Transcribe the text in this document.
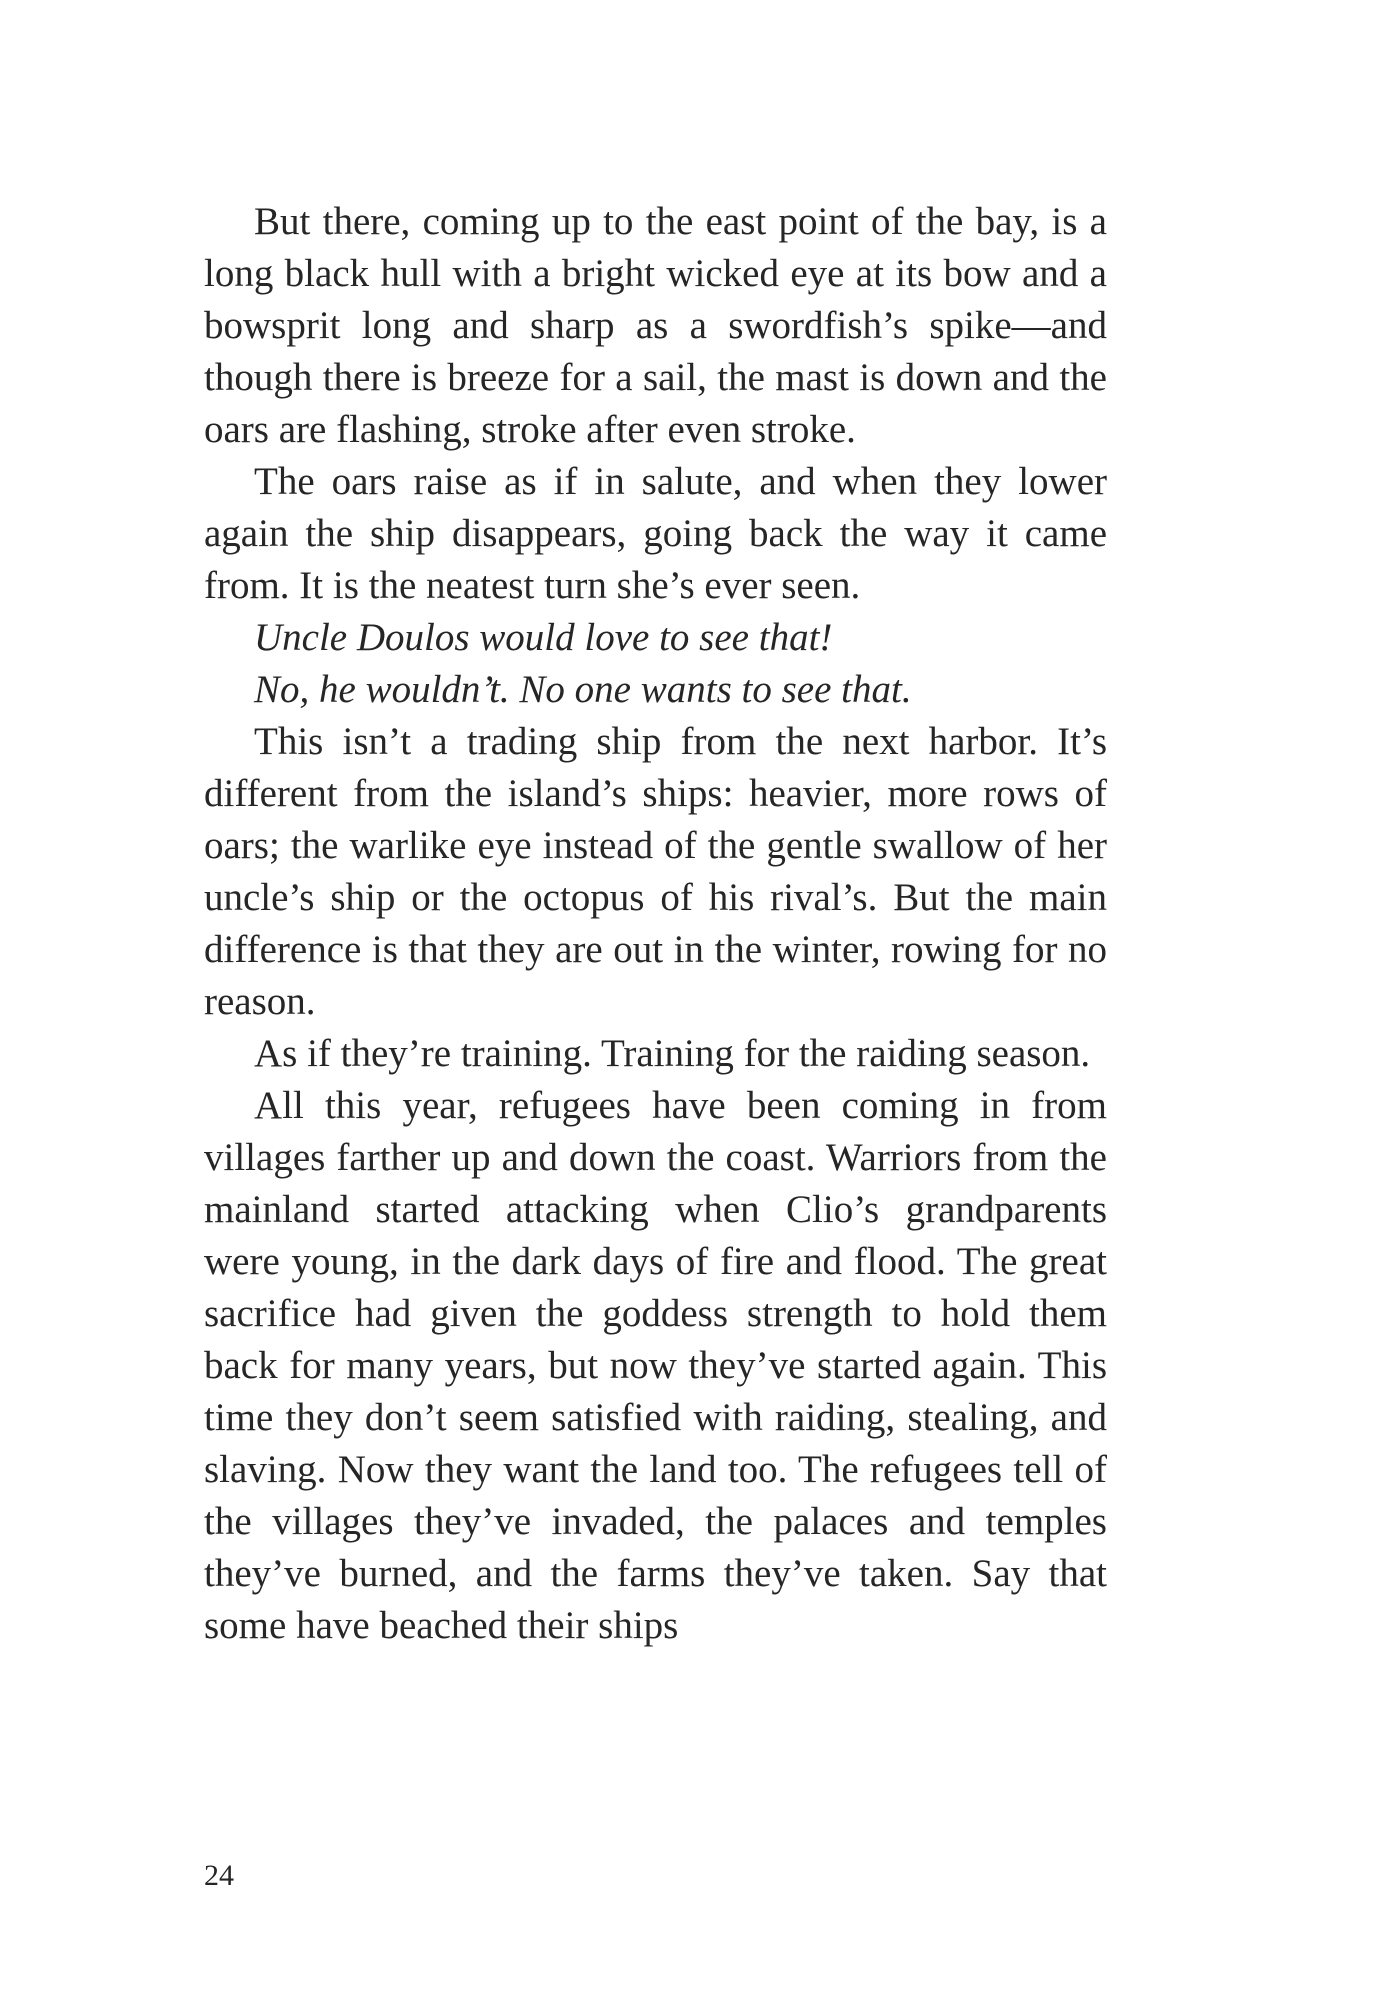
But there, coming up to the east point of the bay, is a long black hull with a bright wicked eye at its bow and a bowsprit long and sharp as a swordfish’s spike—and though there is breeze for a sail, the mast is down and the oars are flashing, stroke after even stroke.

The oars raise as if in salute, and when they lower again the ship disappears, going back the way it came from. It is the neatest turn she’s ever seen.

Uncle Doulos would love to see that!

No, he wouldn’t. No one wants to see that.

This isn’t a trading ship from the next harbor. It’s different from the island’s ships: heavier, more rows of oars; the warlike eye instead of the gentle swallow of her uncle’s ship or the octopus of his rival’s. But the main difference is that they are out in the winter, rowing for no reason.

As if they’re training. Training for the raiding season.

All this year, refugees have been coming in from villages farther up and down the coast. Warriors from the mainland started attacking when Clio’s grandparents were young, in the dark days of fire and flood. The great sacrifice had given the goddess strength to hold them back for many years, but now they’ve started again. This time they don’t seem satisfied with raiding, stealing, and slaving. Now they want the land too. The refugees tell of the villages they’ve invaded, the palaces and temples they’ve burned, and the farms they’ve taken. Say that some have beached their ships

24
